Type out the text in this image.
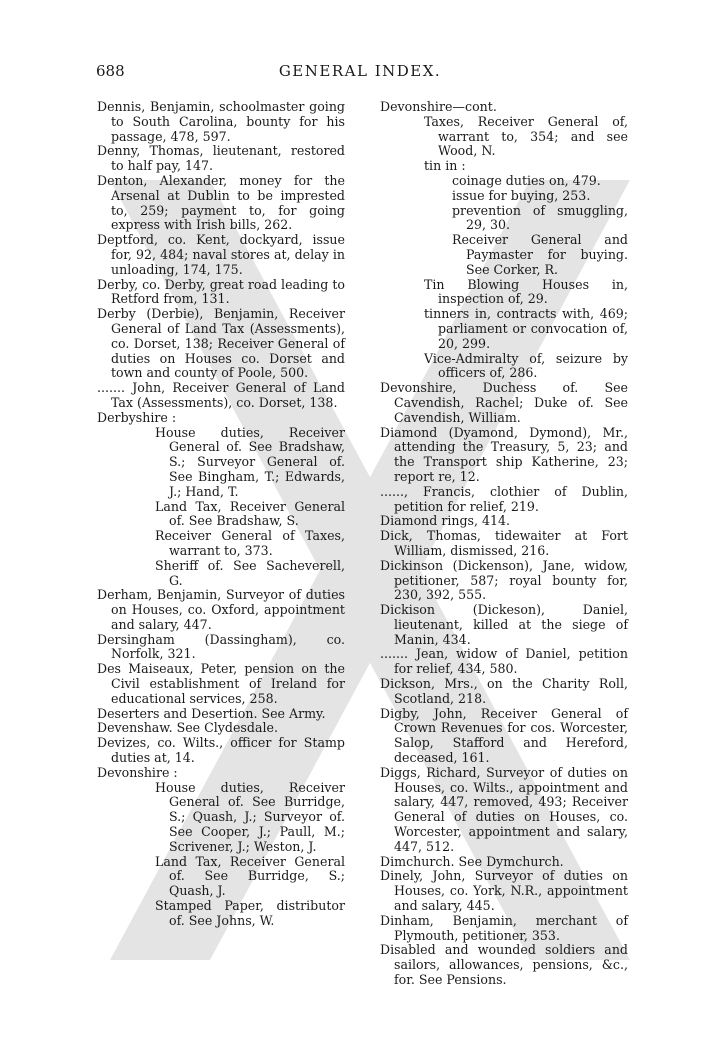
688	GENERAL INDEX.
Dennis, Benjamin, schoolmaster going to South Carolina, bounty for his passage, 478, 597.
Denny, Thomas, lieutenant, restored to half pay, 147.
Denton, Alexander, money for the Arsenal at Dublin to be imprested to, 259; payment to, for going express with Irish bills, 262.
Deptford, co. Kent, dockyard, issue for, 92, 484; naval stores at, delay in unloading, 174, 175.
Derby, co. Derby, great road leading to Retford from, 131.
Derby (Derbie), Benjamin, Receiver General of Land Tax (Assessments), co. Dorset, 138; Receiver General of duties on Houses co. Dorset and town and county of Poole, 500.
....... John, Receiver General of Land Tax (Assessments), co. Dorset, 138.
Derbyshire :
House duties, Receiver General of. See Bradshaw, S.; Surveyor General of. See Bingham, T.; Edwards, J.; Hand, T.
Land Tax, Receiver General of. See Bradshaw, S.
Receiver General of Taxes, warrant to, 373.
Sheriff of. See Sacheverell, G.
Derham, Benjamin, Surveyor of duties on Houses, co. Oxford, appointment and salary, 447.
Dersingham (Dassingham), co. Norfolk, 321.
Des Maiseaux, Peter, pension on the Civil establishment of Ireland for educational services, 258.
Deserters and Desertion. See Army.
Devenshaw. See Clydesdale.
Devizes, co. Wilts., officer for Stamp duties at, 14.
Devonshire :
House duties, Receiver General of. See Burridge, S.; Quash, J.; Surveyor of. See Cooper, J.; Paull, M.; Scrivener, J.; Weston, J.
Land Tax, Receiver General of. See Burridge, S.; Quash, J.
Stamped Paper, distributor of. See Johns, W.
Devonshire—cont.
Taxes, Receiver General of, warrant to, 354; and see Wood, N.
tin in :
coinage duties on, 479.
issue for buying, 253.
prevention of smuggling, 29, 30.
Receiver General and Paymaster for buying. See Corker, R.
Tin Blowing Houses in, inspection of, 29.
tinners in, contracts with, 469; parliament or convocation of, 20, 299.
Vice-Admiralty of, seizure by officers of, 286.
Devonshire, Duchess of. See Cavendish, Rachel; Duke of. See Cavendish, William.
Diamond (Dyamond, Dymond), Mr., attending the Treasury, 5, 23; and the Transport ship Katherine, 23; report re, 12.
......, Francis, clothier of Dublin, petition for relief, 219.
Diamond rings, 414.
Dick, Thomas, tidewaiter at Fort William, dismissed, 216.
Dickinson (Dickenson), Jane, widow, petitioner, 587; royal bounty for, 230, 392, 555.
Dickison (Dickeson), Daniel, lieutenant, killed at the siege of Manin, 434.
....... Jean, widow of Daniel, petition for relief, 434, 580.
Dickson, Mrs., on the Charity Roll, Scotland, 218.
Digby, John, Receiver General of Crown Revenues for cos. Worcester, Salop, Stafford and Hereford, deceased, 161.
Diggs, Richard, Surveyor of duties on Houses, co. Wilts., appointment and salary, 447, removed, 493; Receiver General of duties on Houses, co. Worcester, appointment and salary, 447, 512.
Dimchurch. See Dymchurch.
Dinely, John, Surveyor of duties on Houses, co. York, N.R., appointment and salary, 445.
Dinham, Benjamin, merchant of Plymouth, petitioner, 353.
Disabled and wounded soldiers and sailors, allowances, pensions, &c., for. See Pensions.
